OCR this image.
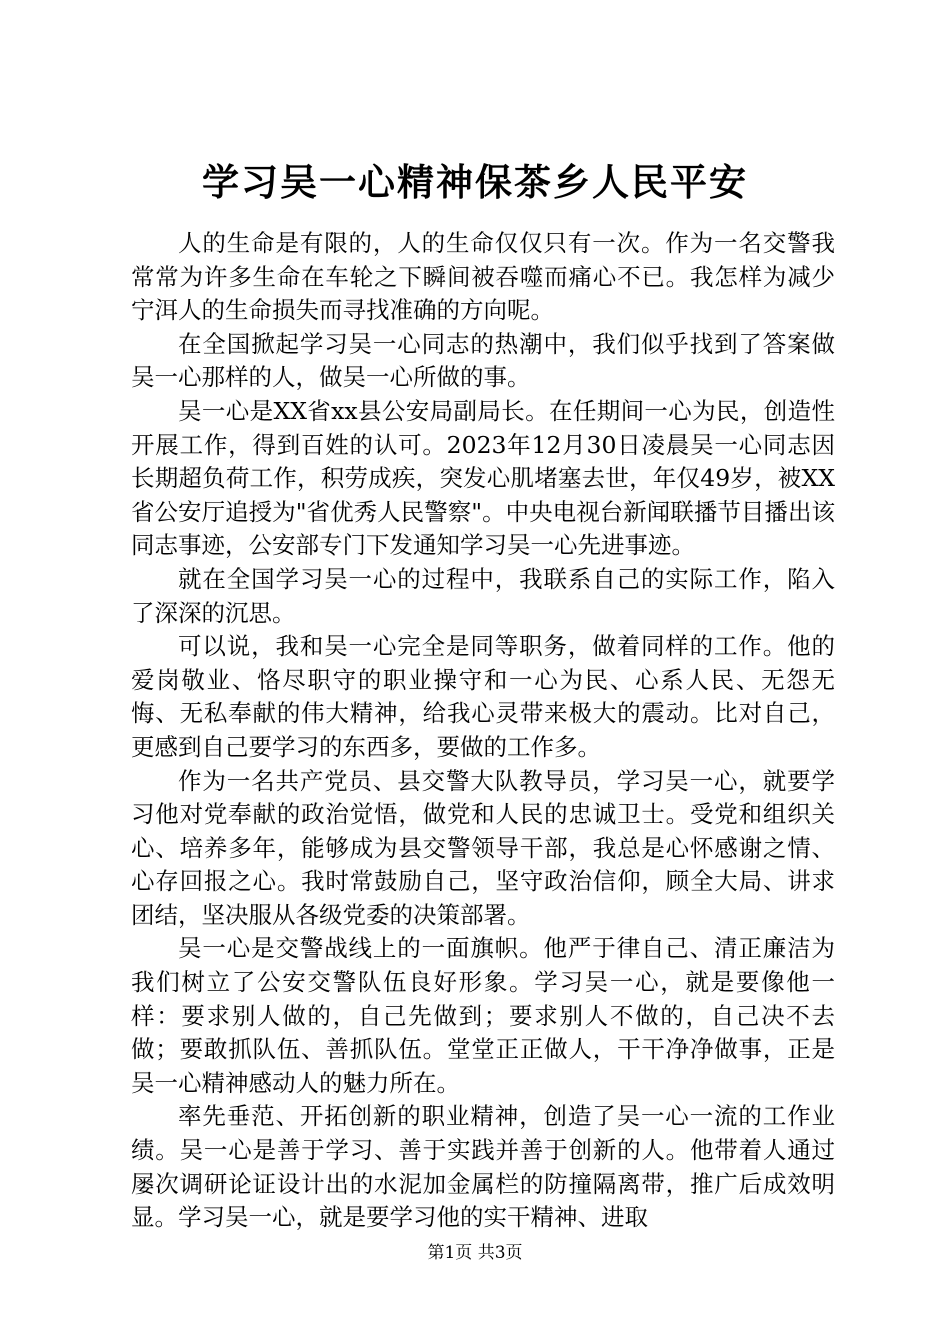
学习吴一心精神保茶乡人民平安

人的生命是有限的，人的生命仅仅只有一次。作为一名交警我常常为许多生命在车轮之下瞬间被吞噬而痛心不已。我怎样为减少宁洱人的生命损失而寻找准确的方向呢。

在全国掀起学习吴一心同志的热潮中，我们似乎找到了答案做吴一心那样的人，做吴一心所做的事。

吴一心是XX省xx县公安局副局长。在任期间一心为民，创造性开展工作，得到百姓的认可。2023年12月30日凌晨吴一心同志因长期超负荷工作，积劳成疾，突发心肌堵塞去世，年仅49岁，被XX省公安厅追授为"省优秀人民警察"。中央电视台新闻联播节目播出该同志事迹，公安部专门下发通知学习吴一心先进事迹。

就在全国学习吴一心的过程中，我联系自己的实际工作，陷入了深深的沉思。

可以说，我和吴一心完全是同等职务，做着同样的工作。他的爱岗敬业、恪尽职守的职业操守和一心为民、心系人民、无怨无悔、无私奉献的伟大精神，给我心灵带来极大的震动。比对自己，更感到自己要学习的东西多，要做的工作多。

作为一名共产党员、县交警大队教导员，学习吴一心，就要学习他对党奉献的政治觉悟，做党和人民的忠诚卫士。受党和组织关心、培养多年，能够成为县交警领导干部，我总是心怀感谢之情、心存回报之心。我时常鼓励自己，坚守政治信仰，顾全大局、讲求团结，坚决服从各级党委的决策部署。

吴一心是交警战线上的一面旗帜。他严于律自己、清正廉洁为我们树立了公安交警队伍良好形象。学习吴一心，就是要像他一样：要求别人做的，自己先做到；要求别人不做的，自己决不去做；要敢抓队伍、善抓队伍。堂堂正正做人，干干净净做事，正是吴一心精神感动人的魅力所在。

率先垂范、开拓创新的职业精神，创造了吴一心一流的工作业绩。吴一心是善于学习、善于实践并善于创新的人。他带着人通过屡次调研论证设计出的水泥加金属栏的防撞隔离带，推广后成效明显。学习吴一心，就是要学习他的实干精神、进取

第1页 共3页
